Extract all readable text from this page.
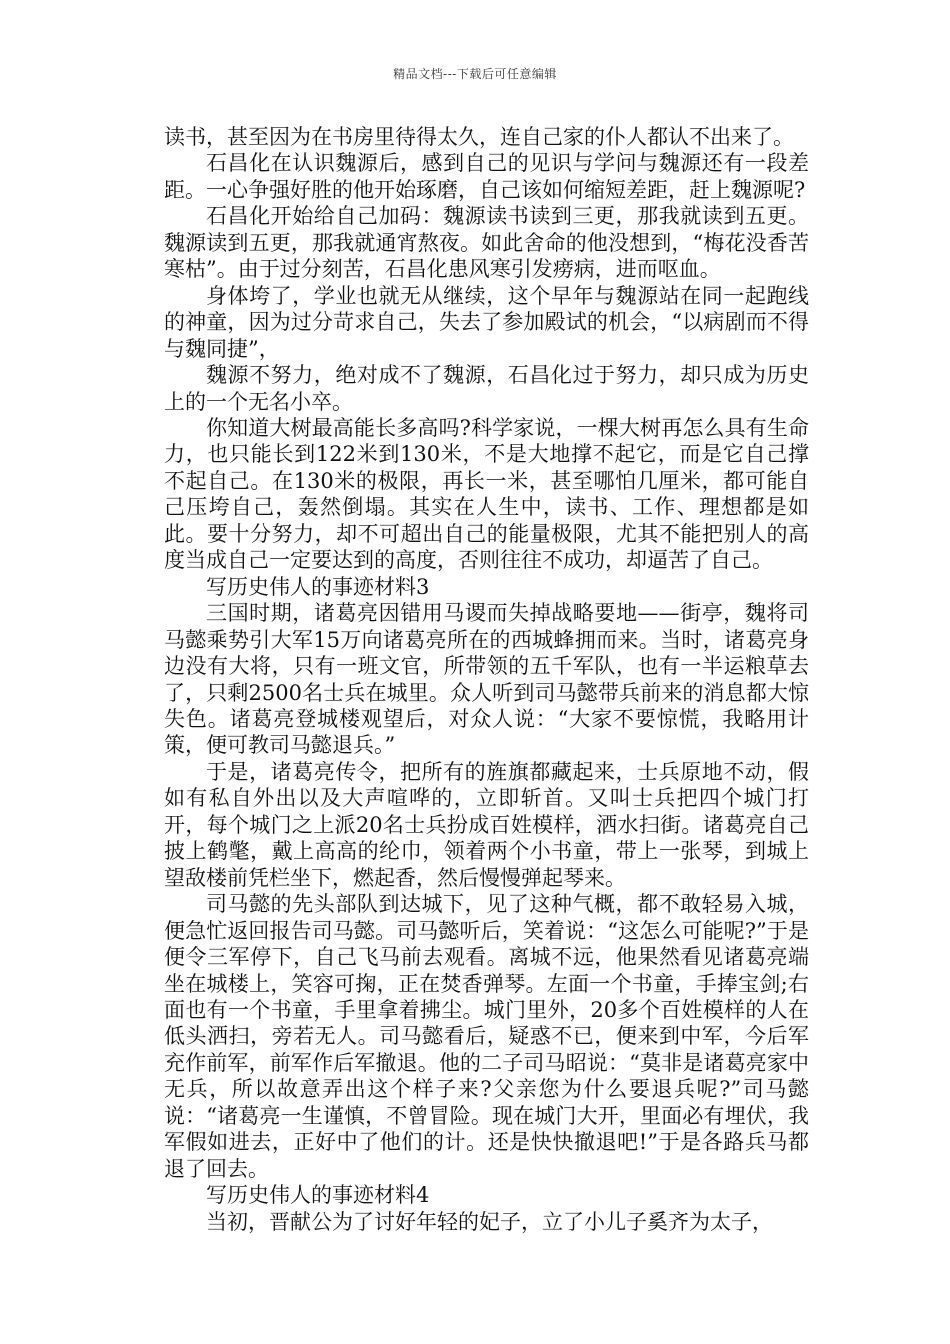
精品文档---下载后可任意编辑

读书，甚至因为在书房里待得太久，连自己家的仆人都认不出来了。

石昌化在认识魏源后，感到自己的见识与学问与魏源还有一段差距。一心争强好胜的他开始琢磨，自己该如何缩短差距，赶上魏源呢?

石昌化开始给自己加码：魏源读书读到三更，那我就读到五更。魏源读到五更，那我就通宵熬夜。如此舍命的他没想到，“梅花没香苦寒枯”。由于过分刻苦，石昌化患风寒引发痨病，进而呕血。

身体垮了，学业也就无从继续，这个早年与魏源站在同一起跑线的神童，因为过分苛求自己，失去了参加殿试的机会，“以病剧而不得与魏同捷”，

魏源不努力，绝对成不了魏源，石昌化过于努力，却只成为历史上的一个无名小卒。

你知道大树最高能长多高吗?科学家说，一棵大树再怎么具有生命力，也只能长到122米到130米，不是大地撑不起它，而是它自己撑不起自己。在130米的极限，再长一米，甚至哪怕几厘米，都可能自己压垮自己，轰然倒塌。其实在人生中，读书、工作、理想都是如此。要十分努力，却不可超出自己的能量极限，尤其不能把别人的高度当成自己一定要达到的高度，否则往往不成功，却逼苦了自己。

写历史伟人的事迹材料3

三国时期，诸葛亮因错用马谡而失掉战略要地——街亭，魏将司马懿乘势引大军15万向诸葛亮所在的西城蜂拥而来。当时，诸葛亮身边没有大将，只有一班文官，所带领的五千军队，也有一半运粮草去了，只剩2500名士兵在城里。众人听到司马懿带兵前来的消息都大惊失色。诸葛亮登城楼观望后，对众人说：“大家不要惊慌，我略用计策，便可教司马懿退兵。”

于是，诸葛亮传令，把所有的旌旗都藏起来，士兵原地不动，假如有私自外出以及大声喧哗的，立即斩首。又叫士兵把四个城门打开，每个城门之上派20名士兵扮成百姓模样，洒水扫街。诸葛亮自己披上鹤氅，戴上高高的纶巾，领着两个小书童，带上一张琴，到城上望敌楼前凭栏坐下，燃起香，然后慢慢弹起琴来。

司马懿的先头部队到达城下，见了这种气概，都不敢轻易入城，便急忙返回报告司马懿。司马懿听后，笑着说：“这怎么可能呢?”于是便令三军停下，自己飞马前去观看。离城不远，他果然看见诸葛亮端坐在城楼上，笑容可掬，正在焚香弹琴。左面一个书童，手捧宝剑;右面也有一个书童，手里拿着拂尘。城门里外，20多个百姓模样的人在低头洒扫，旁若无人。司马懿看后，疑惑不已，便来到中军，今后军充作前军，前军作后军撤退。他的二子司马昭说：“莫非是诸葛亮家中无兵，所以故意弄出这个样子来?父亲您为什么要退兵呢?”司马懿说：“诸葛亮一生谨慎，不曾冒险。现在城门大开，里面必有埋伏，我军假如进去，正好中了他们的计。还是快快撤退吧!”于是各路兵马都退了回去。

写历史伟人的事迹材料4

当初，晋献公为了讨好年轻的妃子，立了小儿子奚齐为太子，
